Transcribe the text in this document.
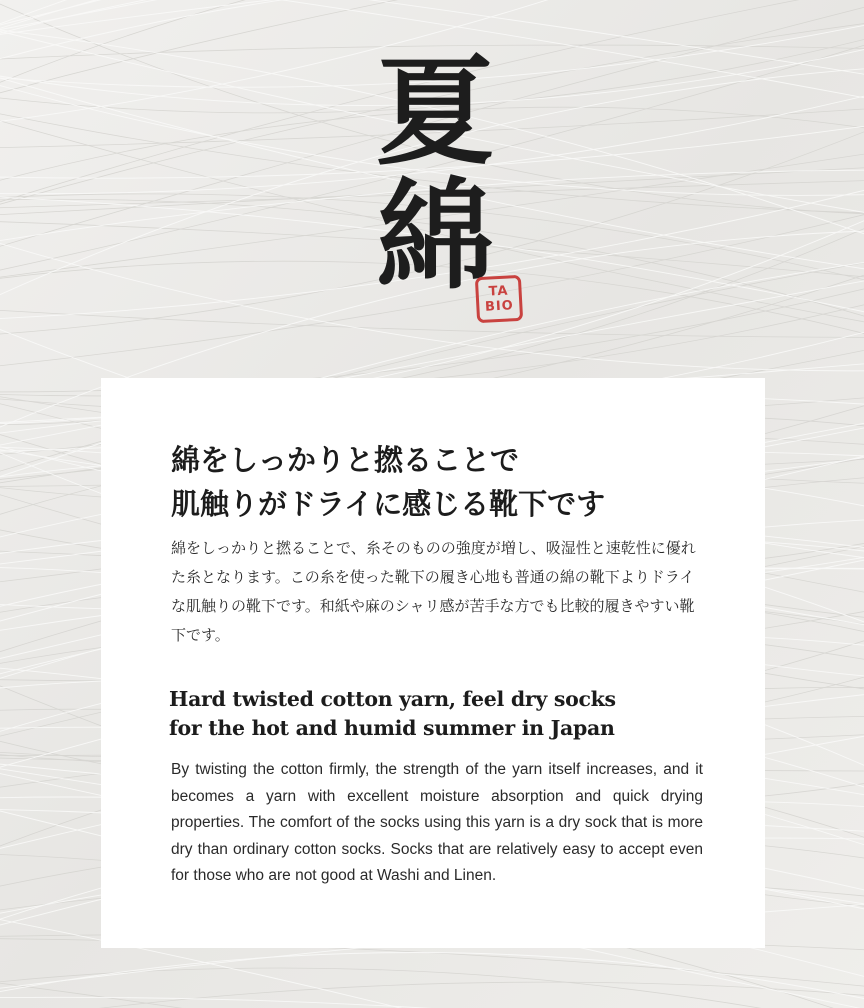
夏
綿
TA
BIO
綿をしっかりと撚ることで
肌触りがドライに感じる靴下です
綿をしっかりと撚ることで、糸そのものの強度が増し、吸湿性と速乾性に優れた糸となります。この糸を使った靴下の履き心地も普通の綿の靴下よりドライな肌触りの靴下です。和紙や麻のシャリ感が苦手な方でも比較的履きやすい靴下です。
Hard twisted cotton yarn, feel dry socks
for the hot and humid summer in Japan
By twisting the cotton firmly, the strength of the yarn itself increases, and it becomes a yarn with excellent moisture absorption and quick drying properties. The comfort of the socks using this yarn is a dry sock that is more dry than ordinary cotton socks. Socks that are relatively easy to accept even for those who are not good at Washi and Linen.
